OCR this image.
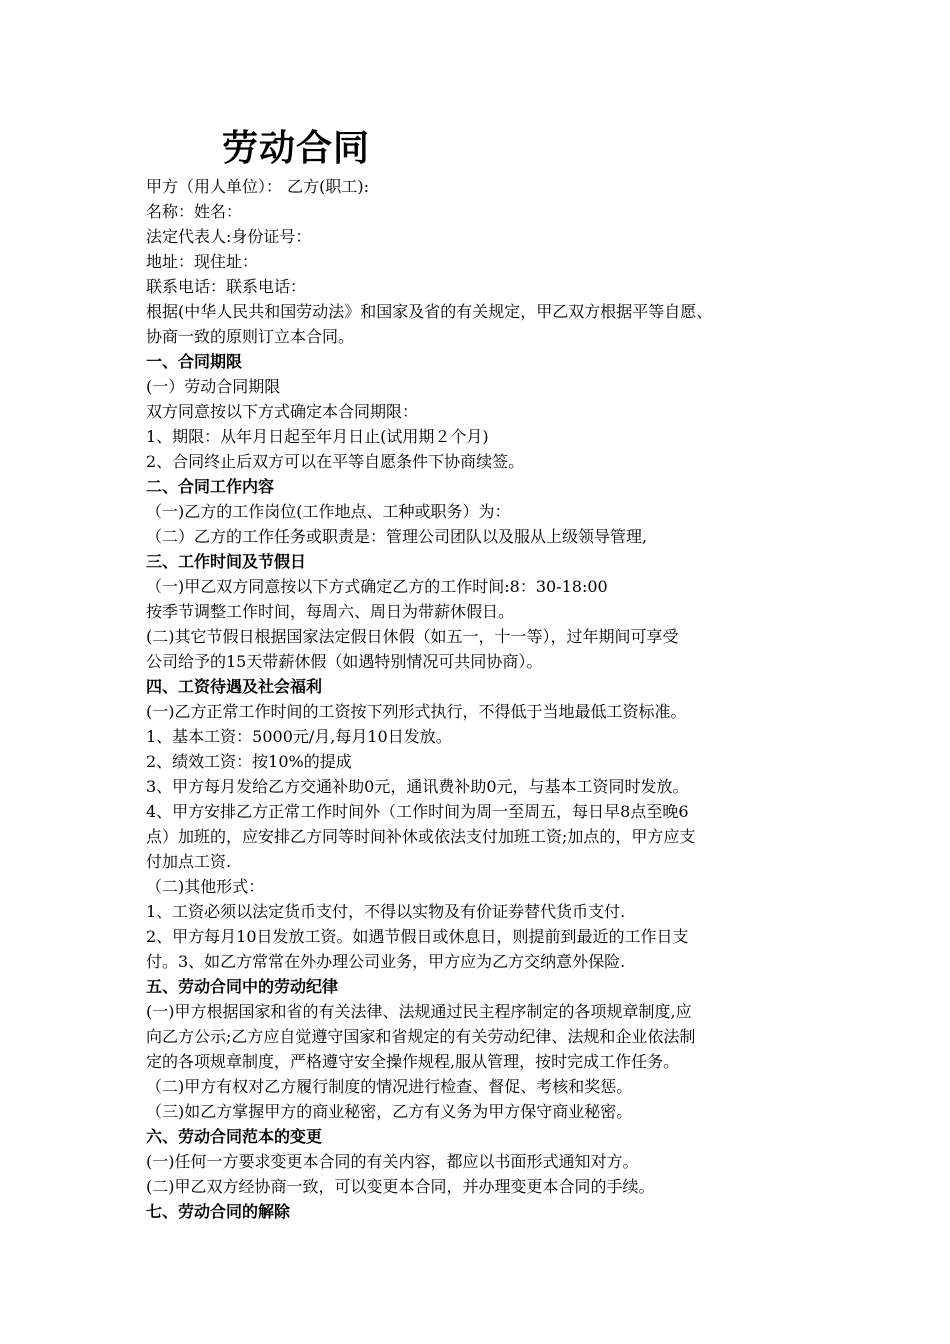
劳动合同
甲方（用人单位）： 乙方(职工):
名称：姓名：
法定代表人:身份证号：
地址：现住址：
联系电话：联系电话：
根据(中华人民共和国劳动法》和国家及省的有关规定，甲乙双方根据平等自愿、
协商一致的原则订立本合同。
一、合同期限
(一）劳动合同期限
双方同意按以下方式确定本合同期限：
1、期限：从年月日起至年月日止(试用期２个月)
2、合同终止后双方可以在平等自愿条件下协商续签。
二、合同工作内容
（一)乙方的工作岗位(工作地点、工种或职务）为：
（二）乙方的工作任务或职责是：管理公司团队以及服从上级领导管理,
三、工作时间及节假日
（一)甲乙双方同意按以下方式确定乙方的工作时间:8：30-18:00
按季节调整工作时间，每周六、周日为带薪休假日。
(二)其它节假日根据国家法定假日休假（如五一，十一等），过年期间可享受
公司给予的15天带薪休假（如遇特别情况可共同协商）。
四、工资待遇及社会福利
(一)乙方正常工作时间的工资按下列形式执行，不得低于当地最低工资标准。
1、基本工资：5000元/月,每月10日发放。
2、绩效工资：按10%的提成
3、甲方每月发给乙方交通补助0元，通讯费补助0元，与基本工资同时发放。
4、甲方安排乙方正常工作时间外（工作时间为周一至周五，每日早8点至晚6
点）加班的，应安排乙方同等时间补休或依法支付加班工资;加点的，甲方应支
付加点工资.
（二)其他形式：
1、工资必须以法定货币支付，不得以实物及有价证券替代货币支付.
2、甲方每月10日发放工资。如遇节假日或休息日，则提前到最近的工作日支
付。3、如乙方常常在外办理公司业务，甲方应为乙方交纳意外保险.
五、劳动合同中的劳动纪律
(一)甲方根据国家和省的有关法律、法规通过民主程序制定的各项规章制度,应
向乙方公示;乙方应自觉遵守国家和省规定的有关劳动纪律、法规和企业依法制
定的各项规章制度，严格遵守安全操作规程,服从管理，按时完成工作任务。
（二)甲方有权对乙方履行制度的情况进行检查、督促、考核和奖惩。
（三)如乙方掌握甲方的商业秘密，乙方有义务为甲方保守商业秘密。
六、劳动合同范本的变更
(一)任何一方要求变更本合同的有关内容，都应以书面形式通知对方。
(二)甲乙双方经协商一致，可以变更本合同，并办理变更本合同的手续。
七、劳动合同的解除
